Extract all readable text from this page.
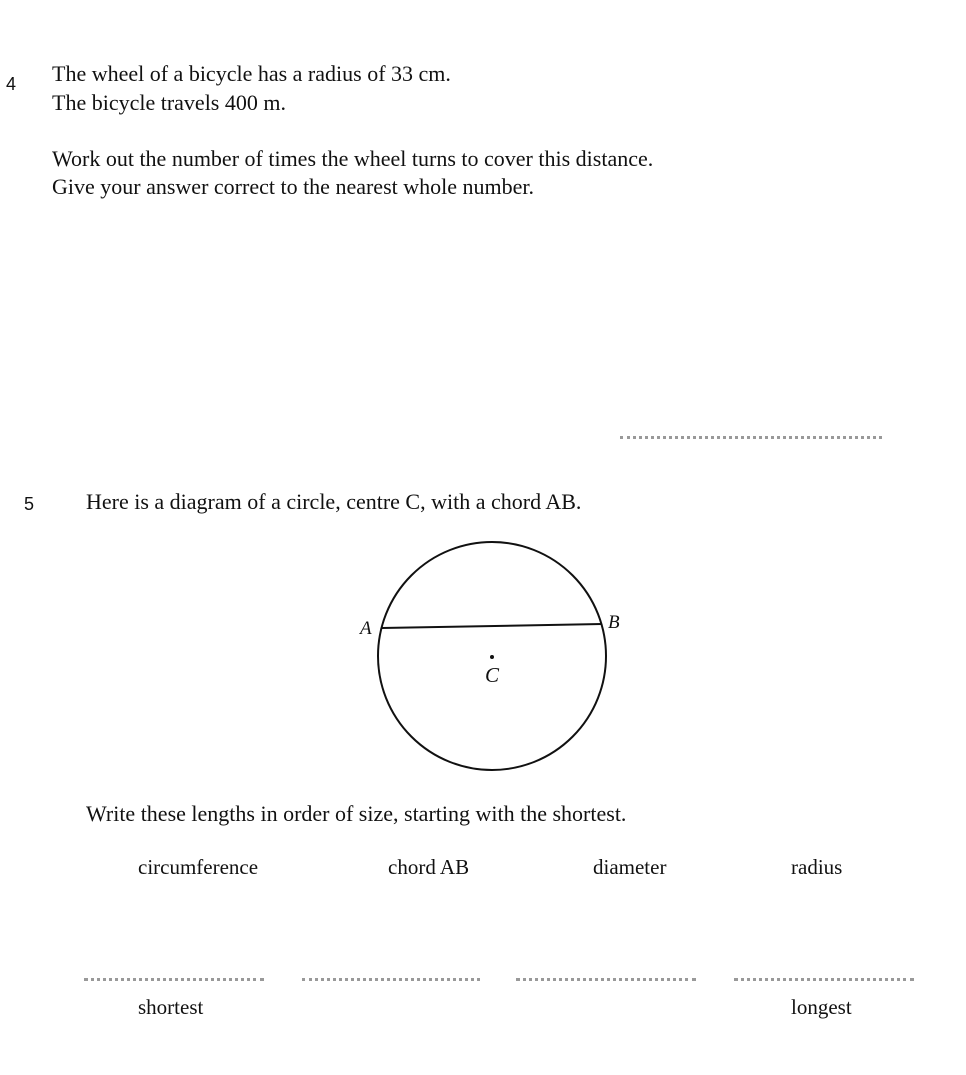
4 The wheel of a bicycle has a radius of 33 cm.
The bicycle travels 400 m.
Work out the number of times the wheel turns to cover this distance.
Give your answer correct to the nearest whole number.
5 Here is a diagram of a circle, centre C, with a chord AB.
A	B
C
Write these lengths in order of size, starting with the shortest.
circumference	chord AB	diameter	radius
shortest	longest
